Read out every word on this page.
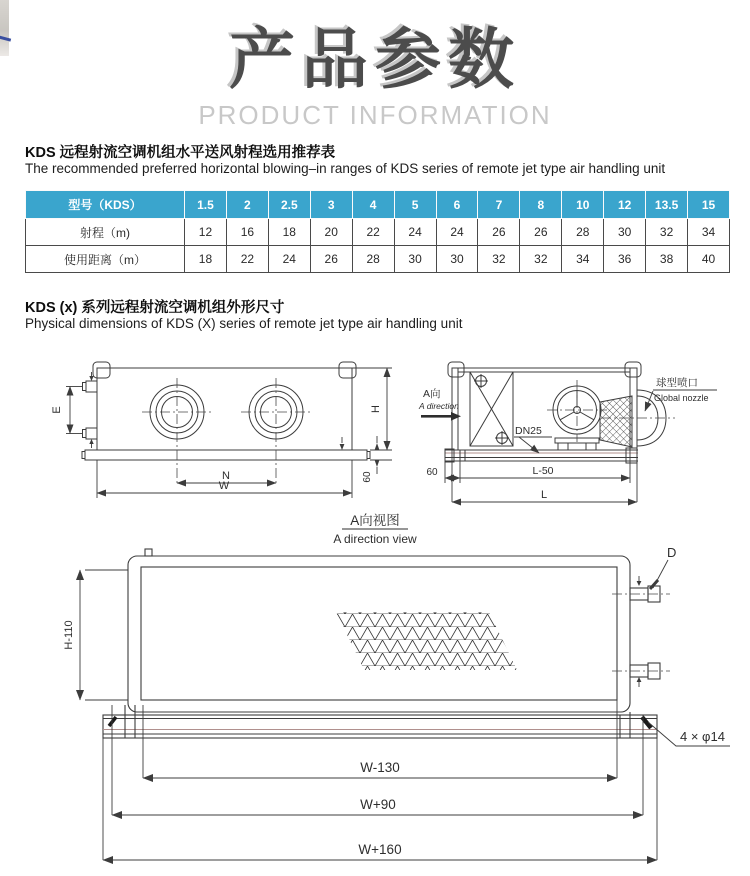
产品参数
PRODUCT INFORMATION
KDS 远程射流空调机组水平送风射程选用推荐表
The recommended preferred horizontal blowing–in ranges of KDS series of remote jet type air handling unit
型号（KDS）	1.5	2	2.5	3	4	5	6	7	8	10	12	13.5	15
射程（m)	12	16	18	20	22	24	24	26	26	28	30	32	34
使用距离（m）	18	22	24	26	28	30	30	32	32	34	36	38	40
KDS (x) 系列远程射流空调机组外形尺寸
Physical dimensions of KDS (X) series of remote jet type air handling unit
E	H
60
N
W
A向
A direction
球型喷口
Global nozzle
DN25
60	L-50
L
A向视图
A direction view
H-110
D
4 × φ14
W-130
W+90
W+160
